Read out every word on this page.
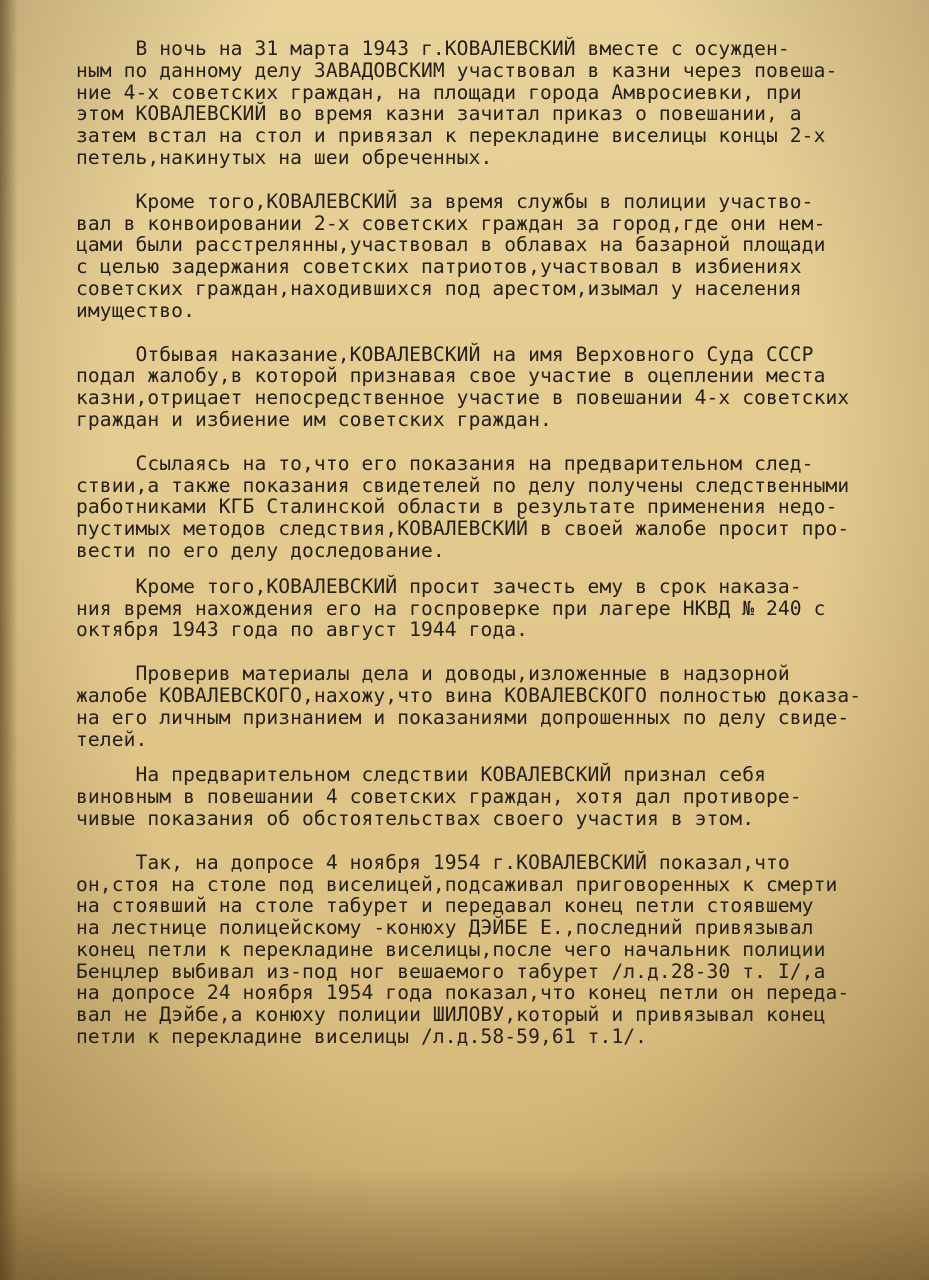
В ночь на 31 марта 1943 г.КОВАЛЕВСКИЙ вместе с осужден-
ным по данному делу ЗАВАДОВСКИМ участвовал в казни через повеша-
ние 4-х советских граждан, на площади города Амвросиевки, при
этом КОВАЛЕВСКИЙ во время казни зачитал приказ о повешании, а
затем встал на стол и привязал к перекладине виселицы концы 2-х
петель,накинутых на шеи обреченных.
Кроме того,КОВАЛЕВСКИЙ за время службы в полиции участво-
вал в конвоировании 2-х советских граждан за город,где они нем-
цами были расстрелянны,участвовал в облавах на базарной площади
с целью задержания советских патриотов,участвовал в избиениях
советских граждан,находившихся под арестом,изымал у населения
имущество.
Отбывая наказание,КОВАЛЕВСКИЙ на имя Верховного Суда СССР
подал жалобу,в которой признавая свое участие в оцеплении места
казни,отрицает непосредственное участие в повешании 4-х советских
граждан и избиение им советских граждан.
Ссылаясь на то,что его показания на предварительном след-
ствии,а также показания свидетелей по делу получены следственными
работниками КГБ Сталинской области в результате применения недо-
пустимых методов следствия,КОВАЛЕВСКИЙ в своей жалобе просит про-
вести по его делу доследование.
Кроме того,КОВАЛЕВСКИЙ просит зачесть ему в срок наказа-
ния время нахождения его на госпроверке при лагере НКВД № 240 с
октября 1943 года по август 1944 года.
Проверив материалы дела и доводы,изложенные в надзорной
жалобе КОВАЛЕВСКОГО,нахожу,что вина КОВАЛЕВСКОГО полностью доказа-
на его личным признанием и показаниями допрошенных по делу свиде-
телей.
На предварительном следствии КОВАЛЕВСКИЙ признал себя
виновным в повешании 4 советских граждан, хотя дал противоре-
чивые показания об обстоятельствах своего участия в этом.
Так, на допросе 4 ноября 1954 г.КОВАЛЕВСКИЙ показал,что
он,стоя на столе под виселицей,подсаживал приговоренных к смерти
на стоявший на столе табурет и передавал конец петли стоявшему
на лестнице полицейскому -конюху ДЭЙБЕ Е.,последний привязывал
конец петли к перекладине виселицы,после чего начальник полиции
Бенцлер выбивал из-под ног вешаемого табурет /л.д.28-30 т. I/,а
на допросе 24 ноября 1954 года показал,что конец петли он переда-
вал не Дэйбе,а конюху полиции ШИЛОВУ,который и привязывал конец
петли к перекладине виселицы /л.д.58-59,61 т.1/.
